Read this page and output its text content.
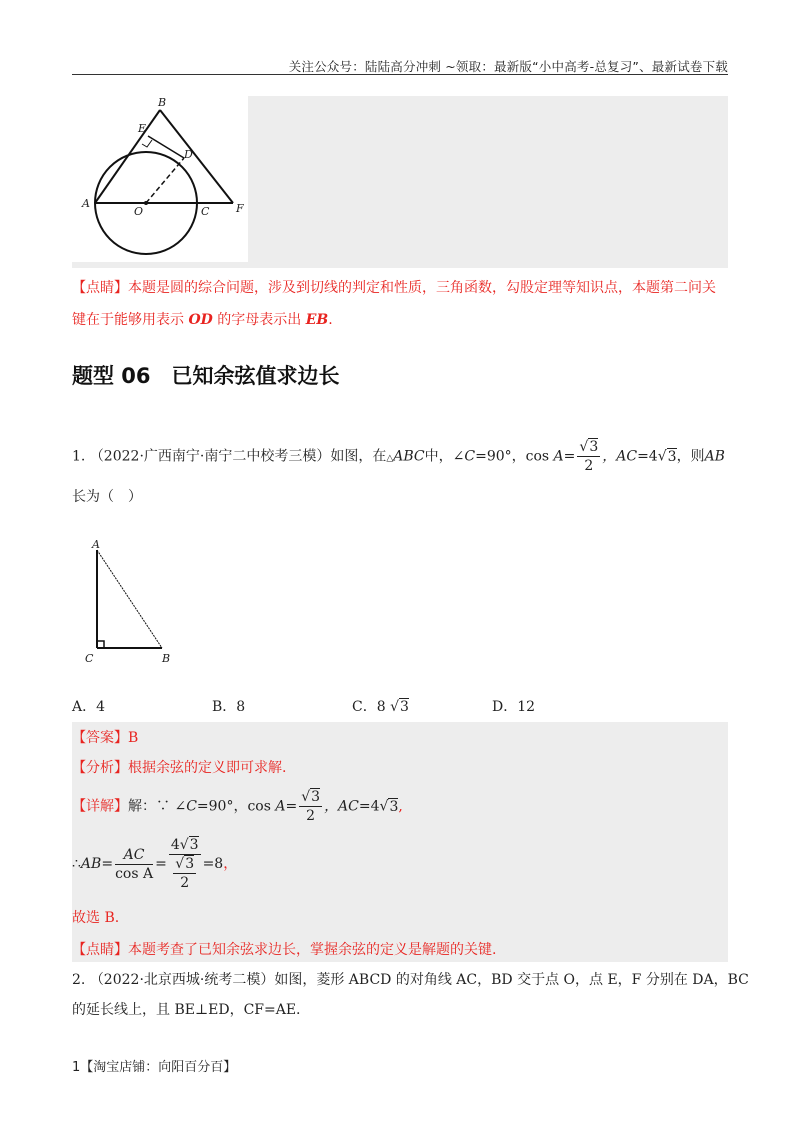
关注公众号：陆陆高分冲刺 ~领取：最新版“小中高考-总复习”、最新试卷下载
A
B
E
D
O	C F
【点睛】本题是圆的综合问题，涉及到切线的判定和性质，三角函数，勾股定理等知识点，本题第二问关
键在于能够用表示 OD 的字母表示出 EB.
题型 06　已知余弦值求边长
1. （2022·广西南宁·南宁二中校考三模）如图，在△ABC中，∠C=90°，$\cos A= \frac{√3}{2}$ ，AC=4√3，则AB
长为（　）
A
C	B
A．4	B．8	C．8 √3	D．12
【答案】B
【分析】根据余弦的定义即可求解.
【详解】解：∵ ∠C=90°，$\cos A= \frac{√3}{2}$ ，AC=4√3,
∴AB= $\frac{AC}{\text{cos A}} = \frac{4√3}{\frac{√3}{2}} =8$，
故选 B.
【点睛】本题考查了已知余弦求边长，掌握余弦的定义是解题的关键.
2. （2022·北京西城·统考二模）如图，菱形 ABCD 的对角线 AC，BD 交于点 O，点 E，F 分别在 DA，BC
的延长线上，且 BE⊥ED，CF=AE.
1【淘宝店铺：向阳百分百】
